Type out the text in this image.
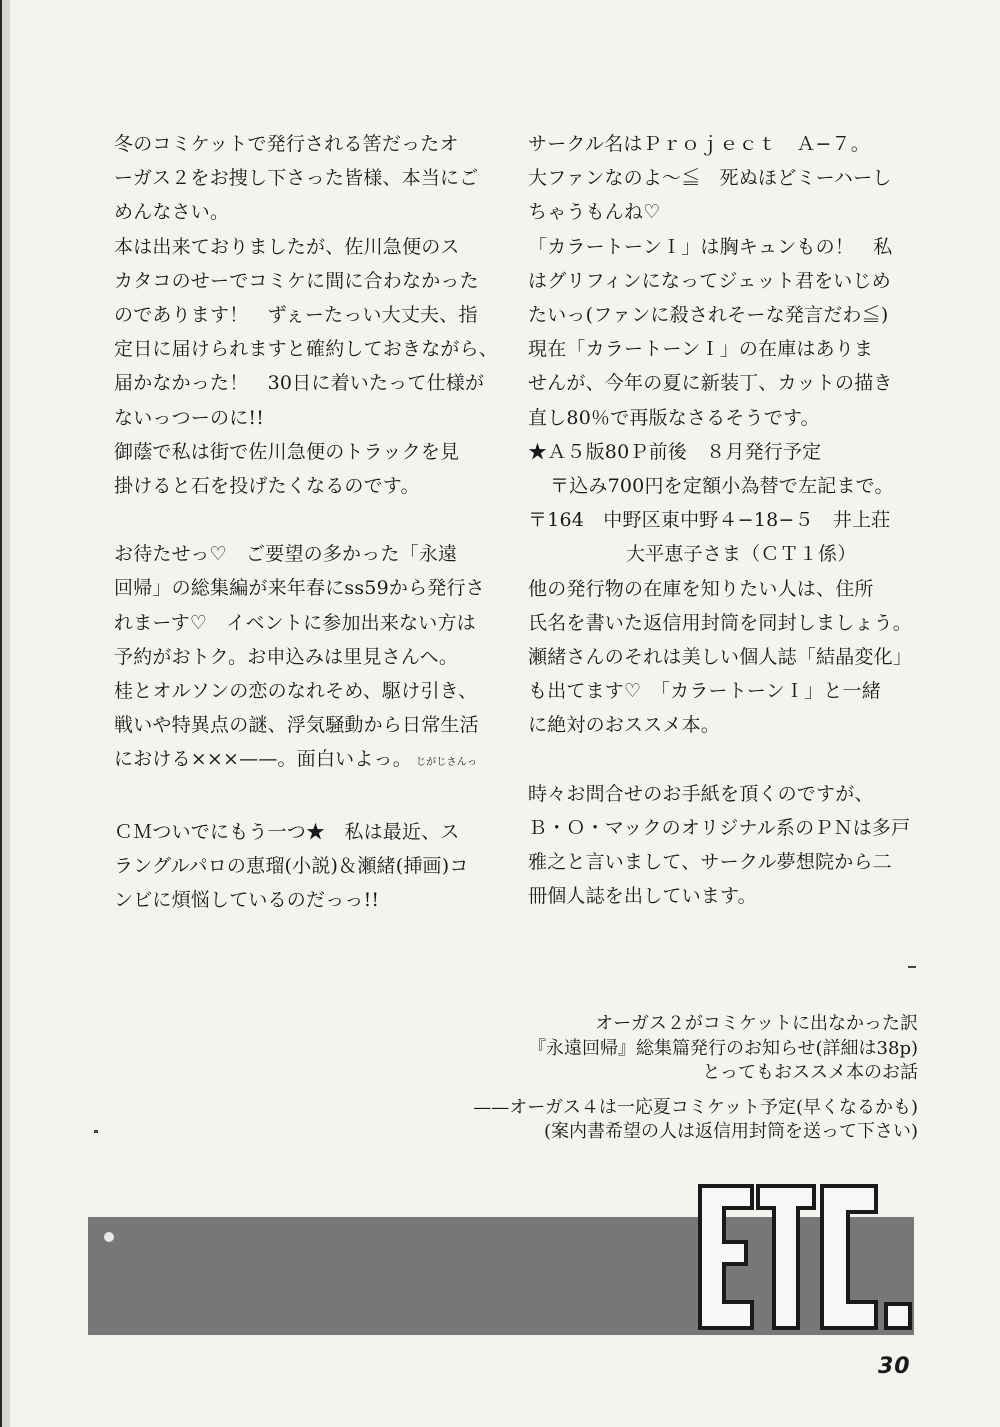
冬のコミケットで発行される筈だったオ

ーガス２をお捜し下さった皆様、本当にご

めんなさい。

本は出来ておりましたが、佐川急便のス

カタコのせーでコミケに間に合わなかった

のであります！　ずぇーたっい大丈夫、指

定日に届けられますと確約しておきながら、

届かなかった！　30日に着いたって仕様が

ないっつーのに!!

御蔭で私は街で佐川急便のトラックを見

掛けると石を投げたくなるのです。

お待たせっ♡　ご要望の多かった「永遠

回帰」の総集編が来年春にss59から発行さ

れまーす♡　イベントに参加出来ない方は

予約がおトク。お申込みは里見さんへ。

桂とオルソンの恋のなれそめ、駆け引き、

戦いや特異点の謎、浮気騒動から日常生活

における×××——。面白いよっ。 じがじさんっ

ＣＭついでにもう一つ★　私は最近、ス

ラングルパロの恵瑠(小説)＆瀬緒(挿画)コ

ンビに煩悩しているのだっっ!!

サークル名はＰｒｏｊｅｃｔ　Ａ−７。

大ファンなのよ〜≦　死ぬほどミーハーし

ちゃうもんね♡

「カラートーンＩ」は胸キュンもの！　私

はグリフィンになってジェット君をいじめ

たいっ(ファンに殺されそーな発言だわ≦)

現在「カラートーンＩ」の在庫はありま

せんが、今年の夏に新装丁、カットの描き

直し80％で再版なさるそうです。

★Ａ５版80Ｐ前後　８月発行予定

〒込み700円を定額小為替で左記まで。

〒164　中野区東中野４−18−５　井上荘

大平恵子さま（ＣＴ１係）

他の発行物の在庫を知りたい人は、住所

氏名を書いた返信用封筒を同封しましょう。

瀬緒さんのそれは美しい個人誌「結晶変化」

も出てます♡　「カラートーンＩ」と一緒

に絶対のおススメ本。

時々お問合せのお手紙を頂くのですが、

Ｂ・Ｏ・マックのオリジナル系のＰＮは多戸

雅之と言いまして、サークル夢想院から二

冊個人誌を出しています。

オーガス２がコミケットに出なかった訳

『永遠回帰』総集篇発行のお知らせ(詳細は38p)

とってもおススメ本のお話

——オーガス４は一応夏コミケット予定(早くなるかも)

(案内書希望の人は返信用封筒を送って下さい)

30
